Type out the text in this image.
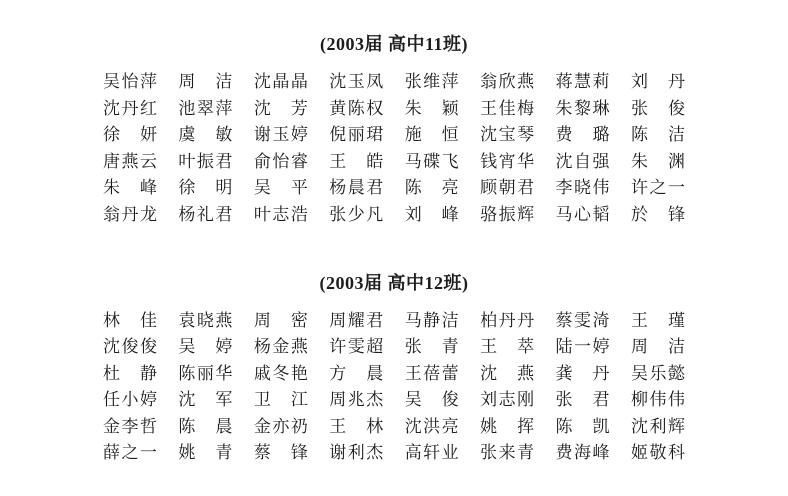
(2003届 高中11班)
吴怡萍 周洁 沈晶晶 沈玉凤 张维萍 翁欣燕 蒋慧莉 刘丹
沈丹红 池翠萍 沈芳 黄陈权 朱颖 王佳梅 朱黎琳 张俊
徐妍 虞敏 谢玉婷 倪丽珺 施恒 沈宝琴 费璐 陈洁
唐燕云 叶振君 俞怡睿 王皓 马碟飞 钱宵华 沈自强 朱渊
朱峰 徐明 吴平 杨晨君 陈亮 顾朝君 李晓伟 许之一
翁丹龙 杨礼君 叶志浩 张少凡 刘峰 骆振辉 马心韬 於锋
(2003届 高中12班)
林佳 袁晓燕 周密 周耀君 马静洁 柏丹丹 蔡雯渏 王瑾
沈俊俊 吴婷 杨金燕 许雯超 张青 王萃 陆一婷 周洁
杜静 陈丽华 戚冬艳 方晨 王蓓蕾 沈燕 龚丹 吴乐懿
任小婷 沈军 卫江 周兆杰 吴俊 刘志刚 张君 柳伟伟
金李哲 陈晨 金亦礽 王林 沈洪亮 姚挥 陈凯 沈利辉
薛之一 姚青 蔡锋 谢利杰 高轩业 张来青 费海峰 姬敬科
